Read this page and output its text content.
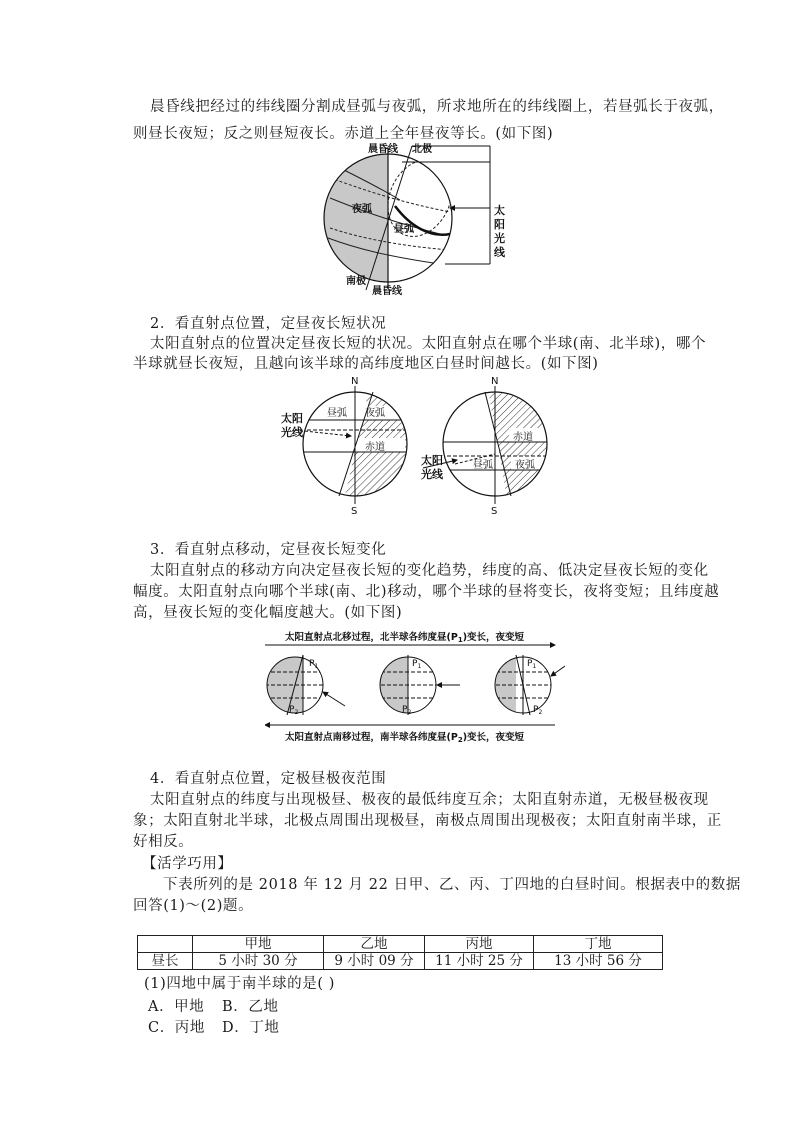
晨昏线把经过的纬线圈分割成昼弧与夜弧，所求地所在的纬线圈上，若昼弧长于夜弧，
则昼长夜短；反之则昼短夜长。赤道上全年昼夜等长。(如下图)
晨昏线 北极
夜弧
昼弧
太
阳
光
线
南极
晨昏线
2．看直射点位置，定昼夜长短状况
太阳直射点的位置决定昼夜长短的状况。太阳直射点在哪个半球(南、北半球)，哪个
半球就昼长夜短，且越向该半球的高纬度地区白昼时间越长。(如下图)
N
S
昼弧 夜弧
赤道
太阳
光线
N
S
赤道
昼弧 夜弧
太阳
光线
3．看直射点移动，定昼夜长短变化
太阳直射点的移动方向决定昼夜长短的变化趋势，纬度的高、低决定昼夜长短的变化
幅度。太阳直射点向哪个半球(南、北)移动，哪个半球的昼将变长，夜将变短；且纬度越
高，昼夜长短的变化幅度越大。(如下图)
太阳直射点北移过程，北半球各纬度昼$(P_1)$变长，夜变短
$P_1$
$P_2$
$P_1$
$P_2$
$P_1$
$P_2$
太阳直射点南移过程，南半球各纬度昼$(P_2)$变长，夜变短
4．看直射点位置，定极昼极夜范围
太阳直射点的纬度与出现极昼、极夜的最低纬度互余；太阳直射赤道，无极昼极夜现
象；太阳直射北半球，北极点周围出现极昼，南极点周围出现极夜；太阳直射南半球，正
好相反。
【活学巧用】
下表所列的是 2018 年 12 月 22 日甲、乙、丙、丁四地的白昼时间。根据表中的数据
回答(1)～(2)题。
	甲地	乙地	丙地	丁地
昼长	5 小时 30 分	9 小时 09 分	11 小时 25 分	13 小时 56 分
(1)四地中属于南半球的是( )
A．甲地 B．乙地
C．丙地 D．丁地
